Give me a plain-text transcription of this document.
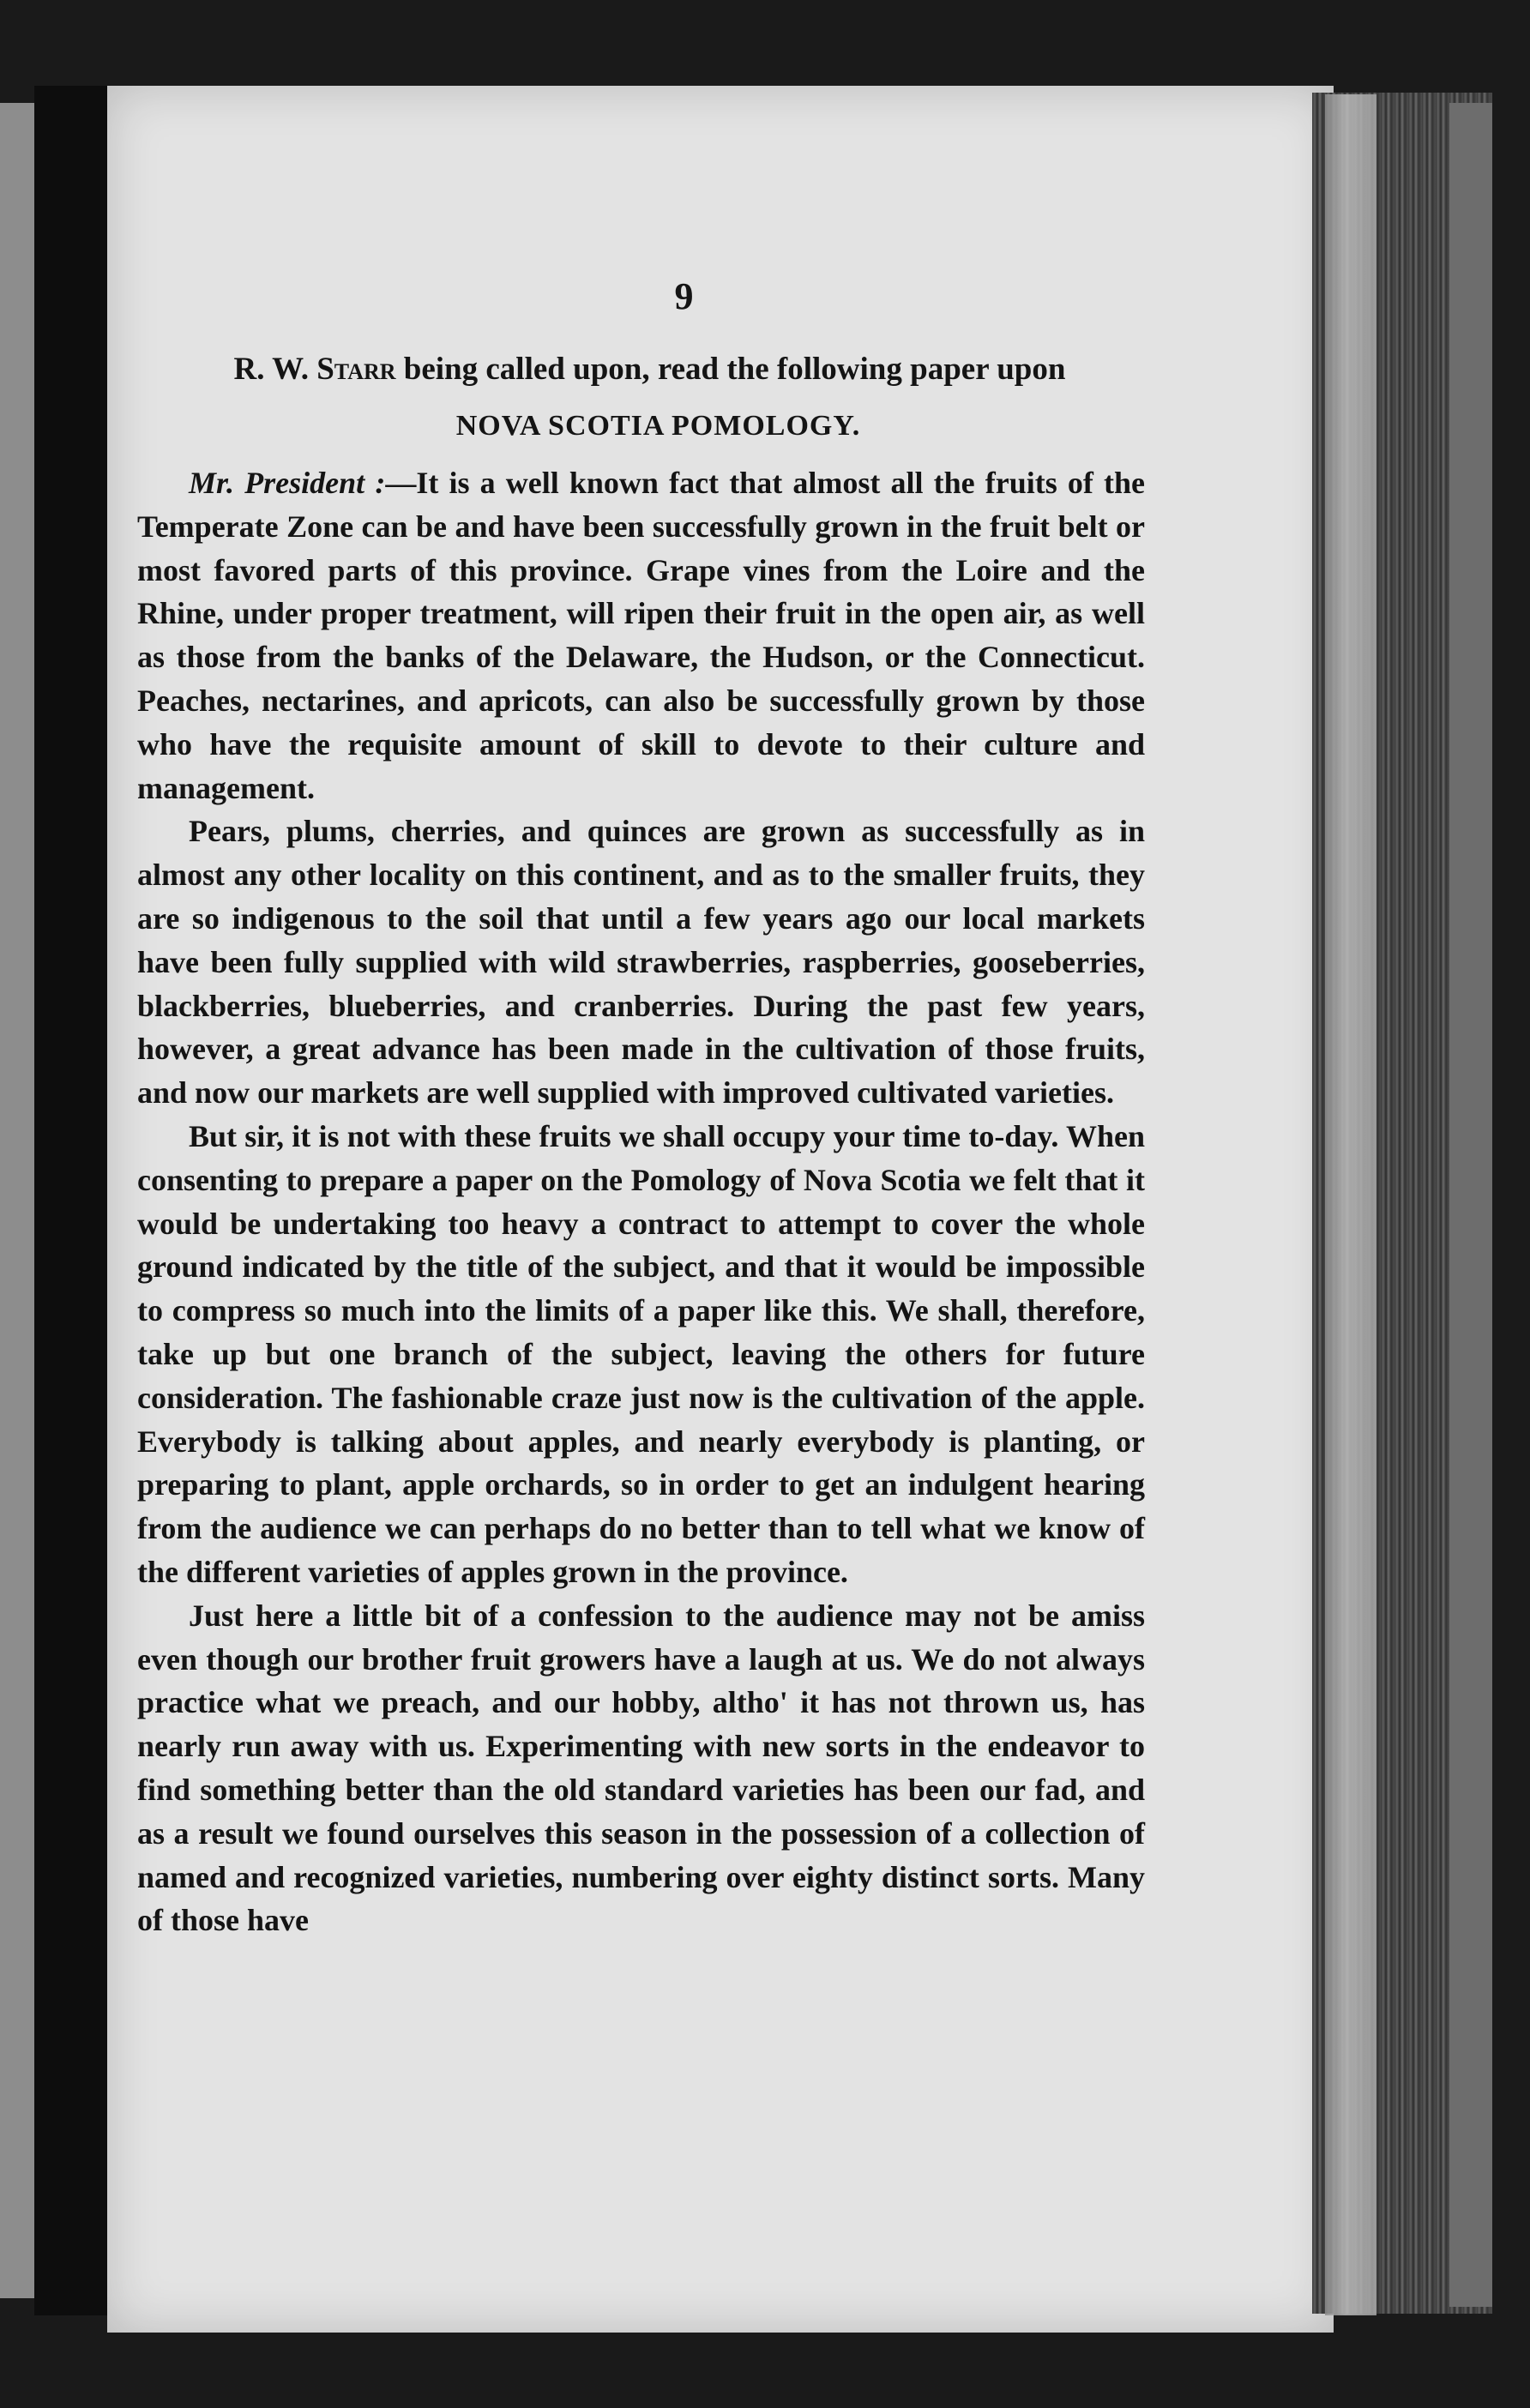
9
R. W. Starr being called upon, read the following paper upon
NOVA SCOTIA POMOLOGY.

Mr. President :—It is a well known fact that almost all the fruits of the Temperate Zone can be and have been successfully grown in the fruit belt or most favored parts of this province. Grape vines from the Loire and the Rhine, under proper treatment, will ripen their fruit in the open air, as well as those from the banks of the Delaware, the Hudson, or the Connecticut. Peaches, nectarines, and apricots, can also be successfully grown by those who have the requisite amount of skill to devote to their culture and management.

Pears, plums, cherries, and quinces are grown as successfully as in almost any other locality on this continent, and as to the smaller fruits, they are so indigenous to the soil that until a few years ago our local markets have been fully supplied with wild strawberries, raspberries, gooseberries, blackberries, blueberries, and cranberries. During the past few years, however, a great advance has been made in the cultivation of those fruits, and now our markets are well supplied with improved cultivated varieties.

But sir, it is not with these fruits we shall occupy your time to-day. When consenting to prepare a paper on the Pomology of Nova Scotia we felt that it would be undertaking too heavy a contract to attempt to cover the whole ground indicated by the title of the subject, and that it would be impossible to compress so much into the limits of a paper like this. We shall, therefore, take up but one branch of the subject, leaving the others for future consideration. The fashionable craze just now is the cultivation of the apple. Everybody is talking about apples, and nearly everybody is planting, or preparing to plant, apple orchards, so in order to get an indulgent hearing from the audience we can perhaps do no better than to tell what we know of the different varieties of apples grown in the province.

Just here a little bit of a confession to the audience may not be amiss even though our brother fruit growers have a laugh at us. We do not always practice what we preach, and our hobby, altho' it has not thrown us, has nearly run away with us. Experimenting with new sorts in the endeavor to find something better than the old standard varieties has been our fad, and as a result we found ourselves this season in the possession of a collection of named and recognized varieties, numbering over eighty distinct sorts. Many of those have
